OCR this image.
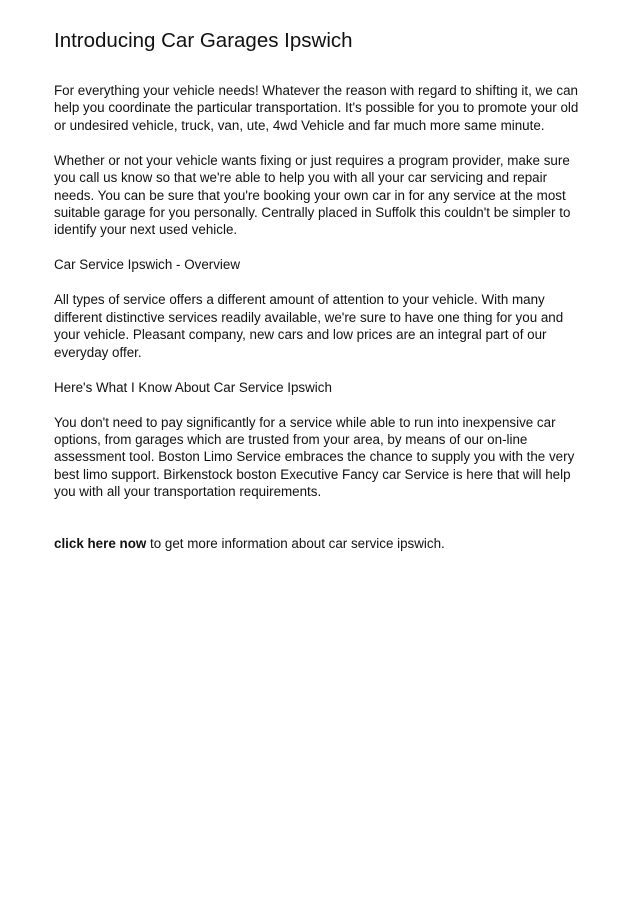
Introducing Car Garages Ipswich

For everything your vehicle needs! Whatever the reason with regard to shifting it, we can help you coordinate the particular transportation. It's possible for you to promote your old or undesired vehicle, truck, van, ute, 4wd Vehicle and far much more same minute.

Whether or not your vehicle wants fixing or just requires a program provider, make sure you call us know so that we're able to help you with all your car servicing and repair needs. You can be sure that you're booking your own car in for any service at the most suitable garage for you personally. Centrally placed in Suffolk this couldn't be simpler to identify your next used vehicle.

Car Service Ipswich - Overview

All types of service offers a different amount of attention to your vehicle. With many different distinctive services readily available, we're sure to have one thing for you and your vehicle. Pleasant company, new cars and low prices are an integral part of our everyday offer.

Here's What I Know About Car Service Ipswich

You don't need to pay significantly for a service while able to run into inexpensive car options, from garages which are trusted from your area, by means of our on-line assessment tool. Boston Limo Service embraces the chance to supply you with the very best limo support. Birkenstock boston Executive Fancy car Service is here that will help you with all your transportation requirements.

click here now to get more information about car service ipswich.
